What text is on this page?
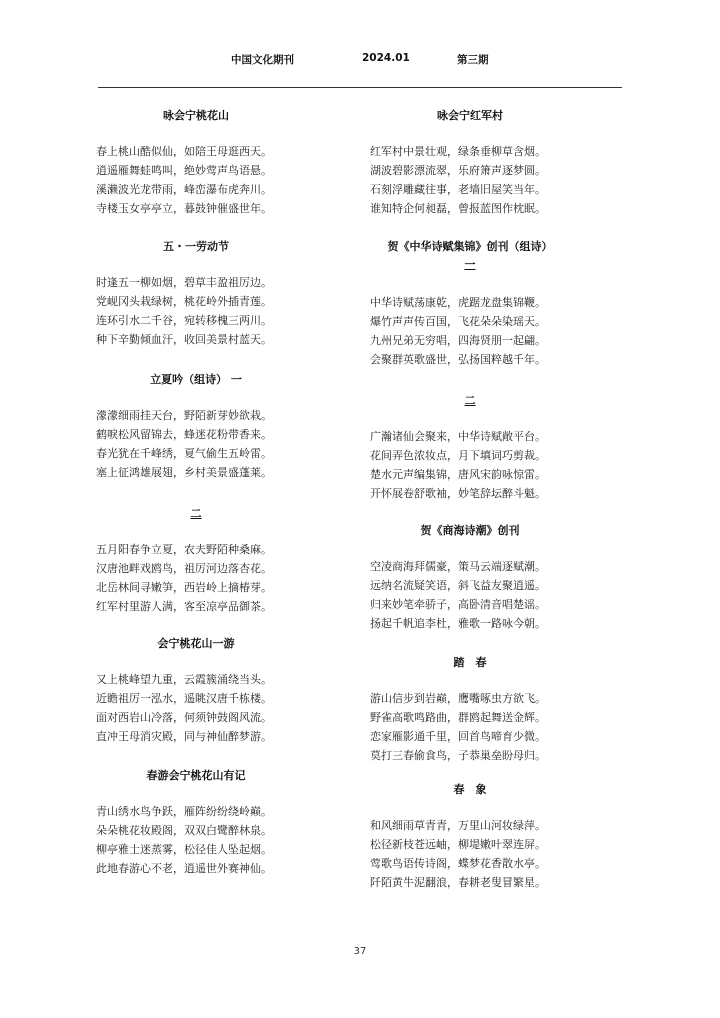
中国文化期刊	2024.01	第三期
咏会宁桃花山
春上桃山酷似仙，如陪王母逛西天。
逍遥雁舞蛙鸣叫，绝妙莺声鸟语悬。
溪濑波光龙带雨，峰峦瀑布虎奔川。
寺楼玉女亭亭立，暮鼓钟催盛世年。
五・一劳动节
时逢五一柳如烟，碧草丰盈祖厉边。
党岘冈头栽绿树，桃花岭外插青莲。
连环引水二千谷，宛转移槐三两川。
种下辛勤倾血汗，收回美景村蓝天。
立夏吟（组诗） 一
濛濛细雨挂天台，野陌新芽妙欲栽。
鹤唳松风留锦去，蜂迷花粉带香来。
春光犹在千峰绣，夏气偷生五岭雷。
塞上征鸿雄展翅，乡村美景盛蓬莱。
二
五月阳春争立夏，农夫野陌种桑麻。
汉唐池畔戏鸥鸟，祖厉河边落杏花。
北岳林间寻嫩笋，西岩岭上摘椿芽。
红军村里游人满，客至凉亭品御茶。
会宁桃花山一游
又上桃峰望九重，云霞簇涌绕当头。
近瞻祖厉一泓水，遥眺汉唐千栋楼。
面对西岩山冷落，何须钟鼓阁风流。
直冲王母消灾殿，同与神仙醉梦游。
春游会宁桃花山有记
青山绣水鸟争跃，雁阵纷纷绕岭巅。
朵朵桃花妆殿阁，双双白鹭醉林泉。
柳亭雅士迷蒸雾，松径佳人坠起烟。
此地春游心不老，逍遥世外赛神仙。
咏会宁红军村
红军村中景壮观，绿条垂柳草含烟。
湖波碧影漂流翠，乐府箫声逐梦圆。
石刻浮雕藏往事，老墙旧屋笑当年。
谁知特企何昶磊，曾报蓝图作枕眠。
贺《中华诗赋集锦》创刊（组诗）
一
中华诗赋荡康乾，虎踞龙盘集锦鞭。
爆竹声声传百国，飞花朵朵染瑶天。
九州兄弟无穷唱，四海贤朋一起翩。
会聚群英歌盛世，弘扬国粹越千年。
二
广瀚诸仙会聚来，中华诗赋敞平台。
花间弄色浓妆点，月下填词巧剪裁。
楚水元声编集锦，唐风宋韵咏惊雷。
开怀展卷舒歌袖，妙笔辞坛醉斗魁。
贺《商海诗潮》创刊
空凌商海拜儒豪，策马云端逐赋潮。
远纳名流疑笑语，斜飞益友聚逍遥。
归来妙笔牵骄子，高卧清音唱楚谣。
扬起千帆追李杜，雅歌一路咏今朝。
踏　春
游山信步到岩巅，鹰嘴啄虫方欲飞。
野雀高歌鸣路曲，群鸥起舞送金辉。
恋家雁影通千里，回首鸟啼育少微。
莫打三春偷食鸟，子恭巢垒盼母归。
春　象
和风细雨草青青，万里山河妆绿萍。
松径新枝苍远岫，柳堤嫩叶翠连屏。
莺歌鸟语传诗阁，蝶梦花香散水亭。
阡陌黄牛泥翻浪，春耕老叟冒繁星。
37
